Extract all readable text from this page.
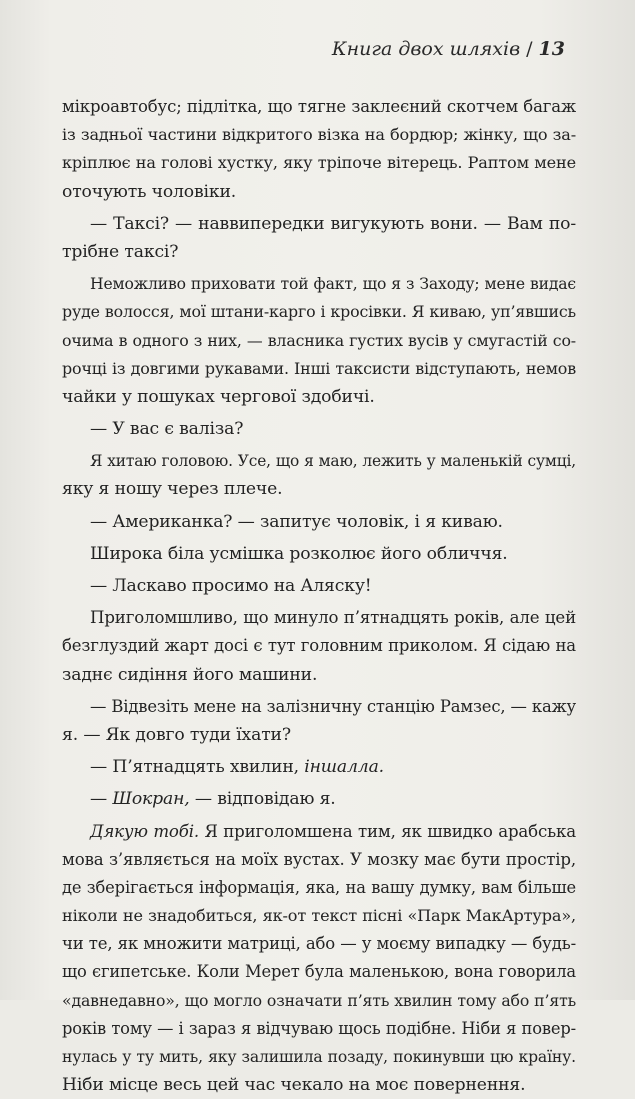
Книга двох шляхів / 13
мікроавтобус; підлітка, що тягне заклеєний скотчем багаж
із задньої частини відкритого візка на бордюр; жінку, що за-
кріплює на голові хустку, яку тріпоче вітерець. Раптом мене
оточують чоловіки.
— Таксі? — наввипередки вигукують вони. — Вам по-
трібне таксі?
Неможливо приховати той факт, що я з Заходу; мене видає
руде волосся, мої штани-карго і кросівки. Я киваю, уп’явшись
очима в одного з них, — власника густих вусів у смугастій со-
рочці із довгими рукавами. Інші таксисти відступають, немов
чайки у пошуках чергової здобичі.
— У вас є валіза?
Я хитаю головою. Усе, що я маю, лежить у маленькій сумці,
яку я ношу через плече.
— Американка? — запитує чоловік, і я киваю.
Широка біла усмішка розколює його обличчя.
— Ласкаво просимо на Аляску!
Приголомшливо, що минуло п’ятнадцять років, але цей
безглуздий жарт досі є тут головним приколом. Я сідаю на
заднє сидіння його машини.
— Відвезіть мене на залізничну станцію Рамзес, — кажу
я. — Як довго туди їхати?
— П’ятнадцять хвилин, іншалла.
— Шокран, — відповідаю я.
Дякую тобі. Я приголомшена тим, як швидко арабська
мова з’являється на моїх вустах. У мозку має бути простір,
де зберігається інформація, яка, на вашу думку, вам більше
ніколи не знадобиться, як-от текст пісні «Парк МакАртура»,
чи те, як множити матриці, або — у моєму випадку — будь-
що єгипетське. Коли Мерет була маленькою, вона говорила
«давнедавно», що могло означати п’ять хвилин тому або п’ять
років тому — і зараз я відчуваю щось подібне. Ніби я повер-
нулась у ту мить, яку залишила позаду, покинувши цю країну.
Ніби місце весь цей час чекало на моє повернення.
